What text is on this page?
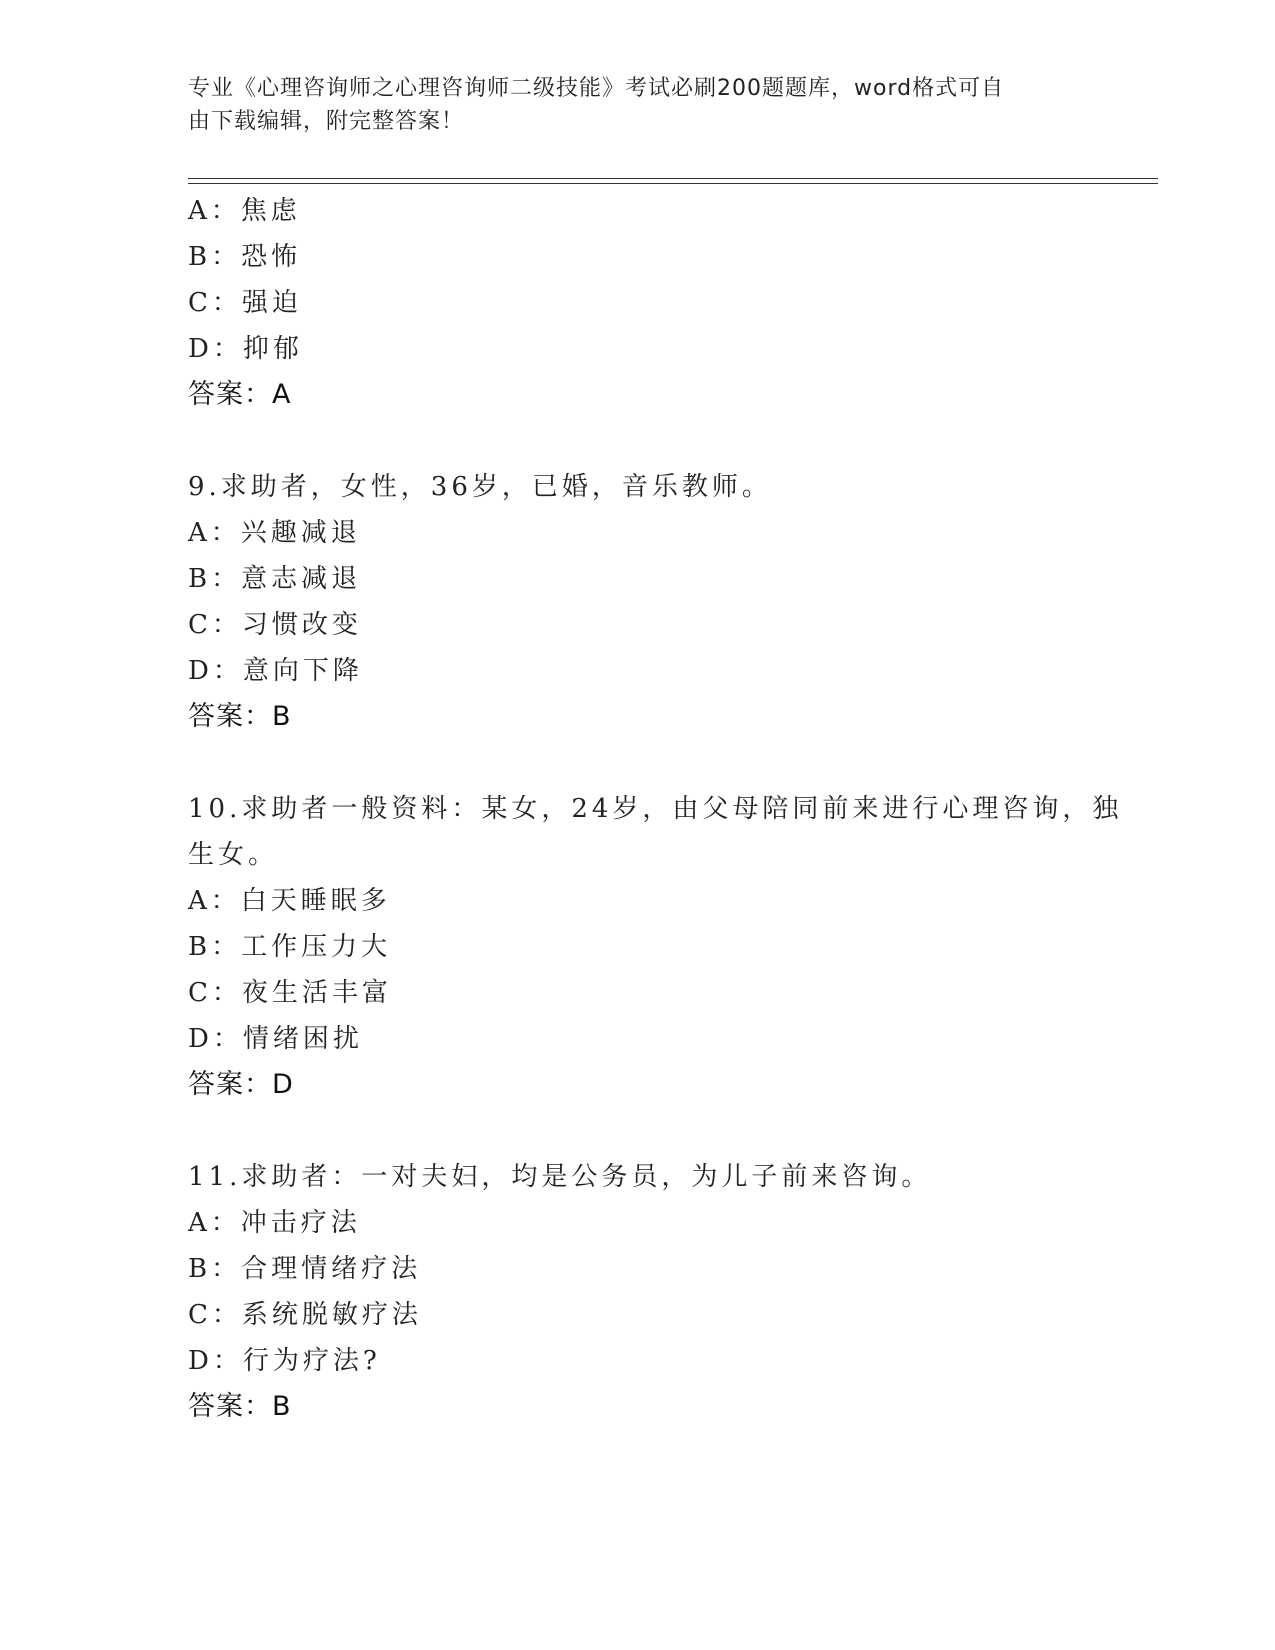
专业《心理咨询师之心理咨询师二级技能》考试必刷200题题库，word格式可自
由下载编辑，附完整答案！
A：焦虑
B：恐怖
C：强迫
D：抑郁
答案：A
9.求助者，女性，36岁，已婚，音乐教师。
A：兴趣减退
B：意志减退
C：习惯改变
D：意向下降
答案：B
10.求助者一般资料：某女，24岁，由父母陪同前来进行心理咨询，独
生女。
A：白天睡眠多
B：工作压力大
C：夜生活丰富
D：情绪困扰
答案：D
11.求助者：一对夫妇，均是公务员，为儿子前来咨询。
A：冲击疗法
B：合理情绪疗法
C：系统脱敏疗法
D：行为疗法?
答案：B
